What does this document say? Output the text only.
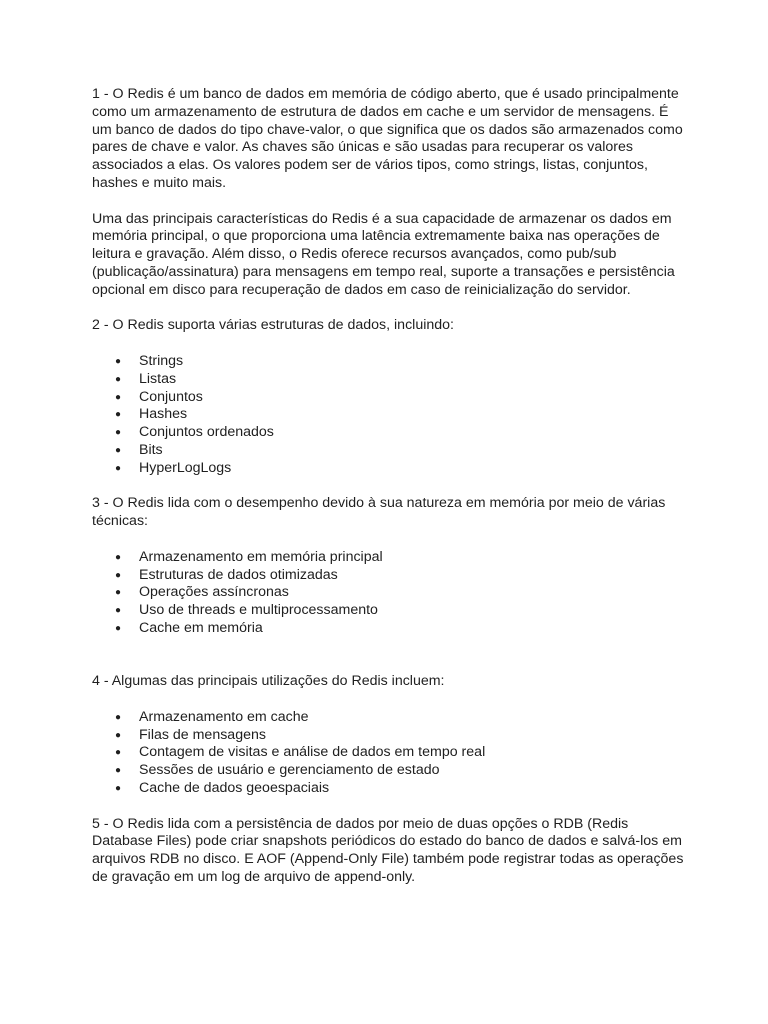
1 - O Redis é um banco de dados em memória de código aberto, que é usado principalmente como um armazenamento de estrutura de dados em cache e um servidor de mensagens. É um banco de dados do tipo chave-valor, o que significa que os dados são armazenados como pares de chave e valor. As chaves são únicas e são usadas para recuperar os valores associados a elas. Os valores podem ser de vários tipos, como strings, listas, conjuntos, hashes e muito mais.

Uma das principais características do Redis é a sua capacidade de armazenar os dados em memória principal, o que proporciona uma latência extremamente baixa nas operações de leitura e gravação. Além disso, o Redis oferece recursos avançados, como pub/sub (publicação/assinatura) para mensagens em tempo real, suporte a transações e persistência opcional em disco para recuperação de dados em caso de reinicialização do servidor.

2 - O Redis suporta várias estruturas de dados, incluindo:

● Strings
● Listas
● Conjuntos
● Hashes
● Conjuntos ordenados
● Bits
● HyperLogLogs

3 - O Redis lida com o desempenho devido à sua natureza em memória por meio de várias técnicas:

● Armazenamento em memória principal
● Estruturas de dados otimizadas
● Operações assíncronas
● Uso de threads e multiprocessamento
● Cache em memória

4 - Algumas das principais utilizações do Redis incluem:

● Armazenamento em cache
● Filas de mensagens
● Contagem de visitas e análise de dados em tempo real
● Sessões de usuário e gerenciamento de estado
● Cache de dados geoespaciais

5 - O Redis lida com a persistência de dados por meio de duas opções o RDB (Redis Database Files) pode criar snapshots periódicos do estado do banco de dados e salvá-los em arquivos RDB no disco. E AOF (Append-Only File) também pode registrar todas as operações de gravação em um log de arquivo de append-only.
